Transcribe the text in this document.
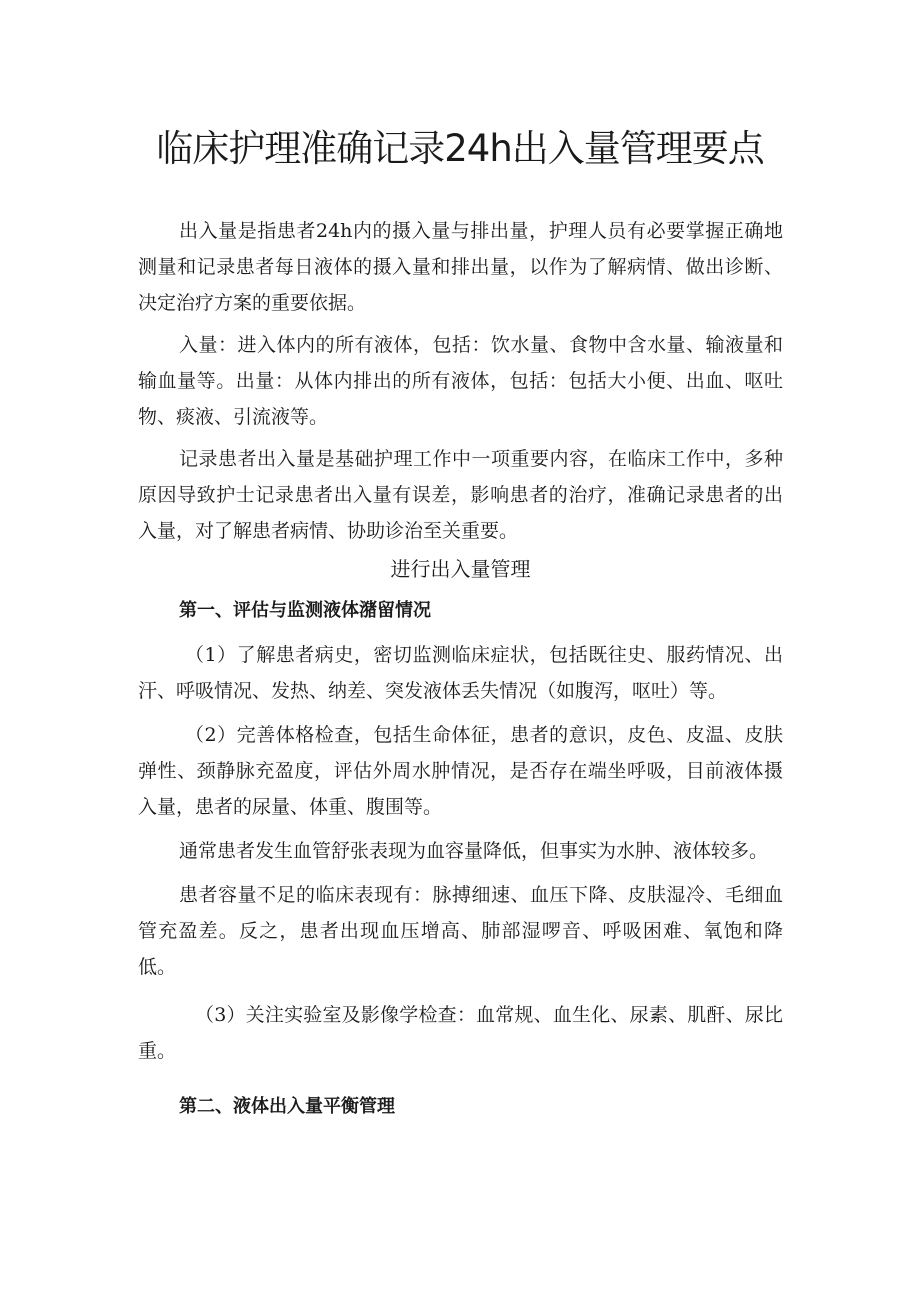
临床护理准确记录24h出入量管理要点

出入量是指患者24h内的摄入量与排出量，护理人员有必要掌握正确地测量和记录患者每日液体的摄入量和排出量，以作为了解病情、做出诊断、决定治疗方案的重要依据。

入量：进入体内的所有液体，包括：饮水量、食物中含水量、输液量和输血量等。出量：从体内排出的所有液体，包括：包括大小便、出血、呕吐物、痰液、引流液等。

记录患者出入量是基础护理工作中一项重要内容，在临床工作中，多种原因导致护士记录患者出入量有误差，影响患者的治疗，准确记录患者的出入量，对了解患者病情、协助诊治至关重要。

进行出入量管理
第一、评估与监测液体潴留情况

（1）了解患者病史，密切监测临床症状，包括既往史、服药情况、出汗、呼吸情况、发热、纳差、突发液体丢失情况（如腹泻，呕吐）等。

（2）完善体格检查，包括生命体征，患者的意识，皮色、皮温、皮肤弹性、颈静脉充盈度，评估外周水肿情况，是否存在端坐呼吸，目前液体摄入量，患者的尿量、体重、腹围等。

通常患者发生血管舒张表现为血容量降低，但事实为水肿、液体较多。

患者容量不足的临床表现有：脉搏细速、血压下降、皮肤湿冷、毛细血管充盈差。反之，患者出现血压增高、肺部湿啰音、呼吸困难、氧饱和降低。

（3）关注实验室及影像学检查：血常规、血生化、尿素、肌酐、尿比重。

第二、液体出入量平衡管理
